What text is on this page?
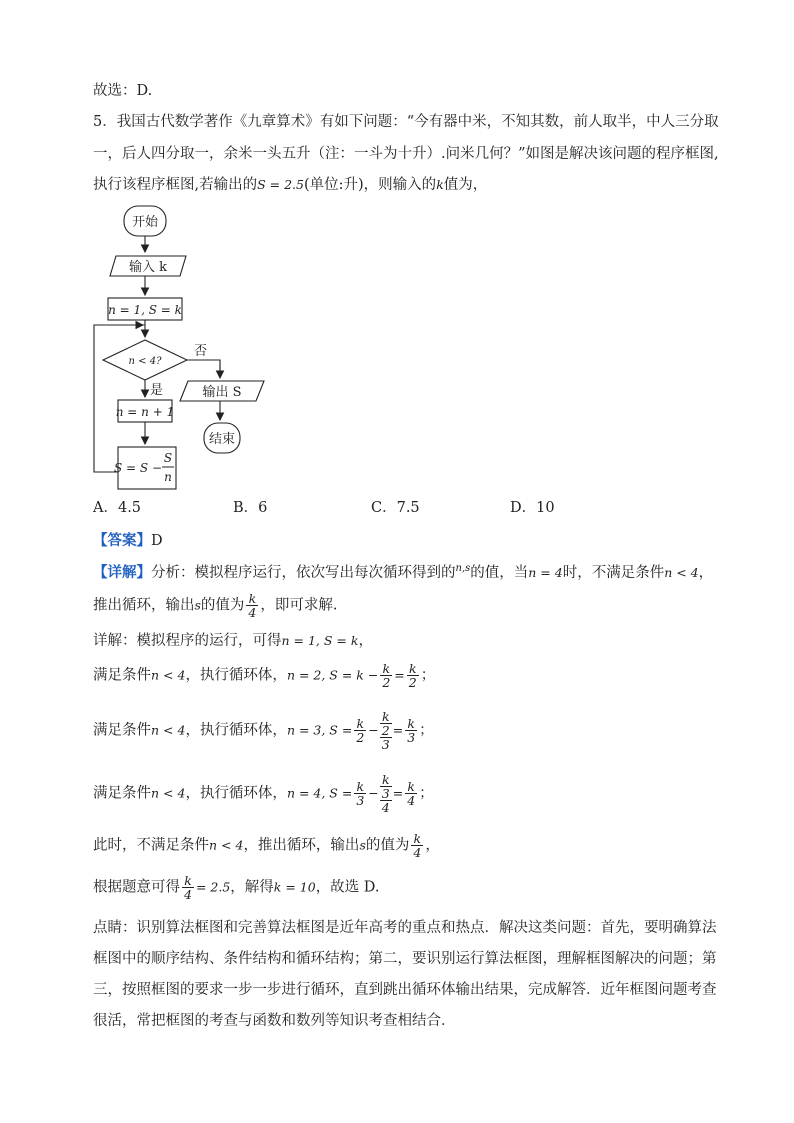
故选：D.
5．我国古代数学著作《九章算术》有如下问题：“今有器中米，不知其数，前人取半，中人三分取
一，后人四分取一，余米一头五升（注：一斗为十升）.问米几何？”如图是解决该问题的程序框图,
执行该程序框图,若输出的S = 2.5(单位:升)，则输入的k值为，
开始
输入 k
n = 1, S = k
n < 4?
否
是
n = n + 1
S = S −
S
n
输出 S
结束
A．4.5	B．6	C．7.5	D．10
【答案】D
【详解】分析：模拟程序运行，依次写出每次循环得到的$^{n,s}$的值，当n = 4时，不满足条件n < 4，
推出循环，输出s的值为 $\frac{k}{4}$ ，即可求解.
详解：模拟程序的运行，可得n = 1, S = k，
满足条件n < 4，执行循环体，n = 2, $S = k - \frac{k}{2} = \frac{k}{2}$ ；
满足条件n < 4，执行循环体，n = 3, $S = \frac{k}{2} - \frac{\frac{k}{2}}{3} = \frac{k}{3}$ ；
满足条件n < 4，执行循环体，n = 4, $S = \frac{k}{3} - \frac{\frac{k}{3}}{4} = \frac{k}{4}$ ；
此时，不满足条件n < 4，推出循环，输出s的值为 $\frac{k}{4}$ ，
根据题意可得 $\frac{k}{4} = 2.5$，解得k = 10，故选 D.
点睛：识别算法框图和完善算法框图是近年高考的重点和热点．解决这类问题：首先，要明确算法
框图中的顺序结构、条件结构和循环结构；第二，要识别运行算法框图，理解框图解决的问题；第
三，按照框图的要求一步一步进行循环，直到跳出循环体输出结果，完成解答．近年框图问题考查
很活，常把框图的考查与函数和数列等知识考查相结合．
